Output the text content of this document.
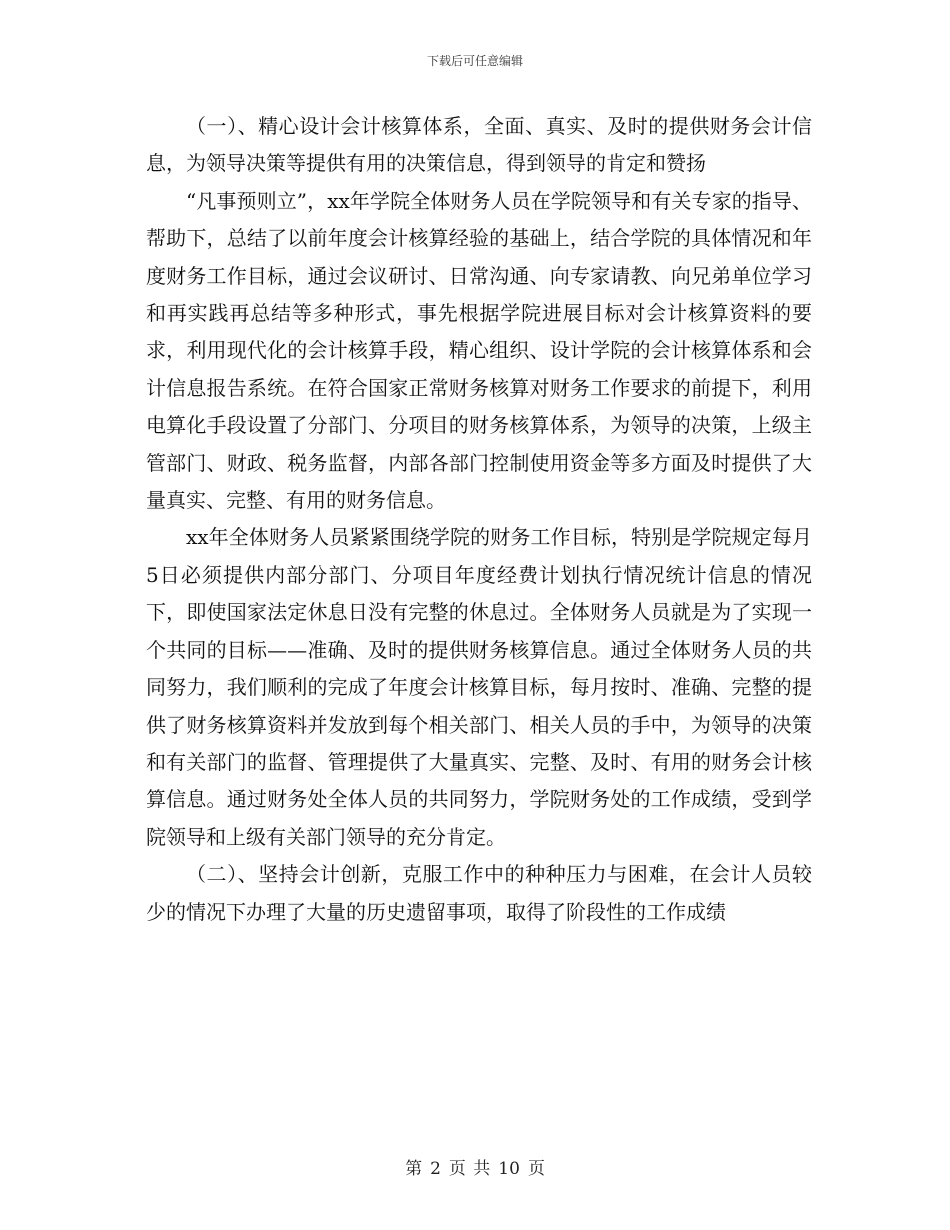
下载后可任意编辑

（一）、精心设计会计核算体系，全面、真实、及时的提供财务会计信息，为领导决策等提供有用的决策信息，得到领导的肯定和赞扬

“凡事预则立”，xx年学院全体财务人员在学院领导和有关专家的指导、帮助下，总结了以前年度会计核算经验的基础上，结合学院的具体情况和年度财务工作目标，通过会议研讨、日常沟通、向专家请教、向兄弟单位学习和再实践再总结等多种形式，事先根据学院进展目标对会计核算资料的要求，利用现代化的会计核算手段，精心组织、设计学院的会计核算体系和会计信息报告系统。在符合国家正常财务核算对财务工作要求的前提下，利用电算化手段设置了分部门、分项目的财务核算体系，为领导的决策，上级主管部门、财政、税务监督，内部各部门控制使用资金等多方面及时提供了大量真实、完整、有用的财务信息。

xx年全体财务人员紧紧围绕学院的财务工作目标，特别是学院规定每月5日必须提供内部分部门、分项目年度经费计划执行情况统计信息的情况下，即使国家法定休息日没有完整的休息过。全体财务人员就是为了实现一个共同的目标——准确、及时的提供财务核算信息。通过全体财务人员的共同努力，我们顺利的完成了年度会计核算目标，每月按时、准确、完整的提供了财务核算资料并发放到每个相关部门、相关人员的手中，为领导的决策和有关部门的监督、管理提供了大量真实、完整、及时、有用的财务会计核算信息。通过财务处全体人员的共同努力，学院财务处的工作成绩，受到学院领导和上级有关部门领导的充分肯定。

（二）、坚持会计创新，克服工作中的种种压力与困难，在会计人员较少的情况下办理了大量的历史遗留事项，取得了阶段性的工作成绩

第 2 页 共 10 页
